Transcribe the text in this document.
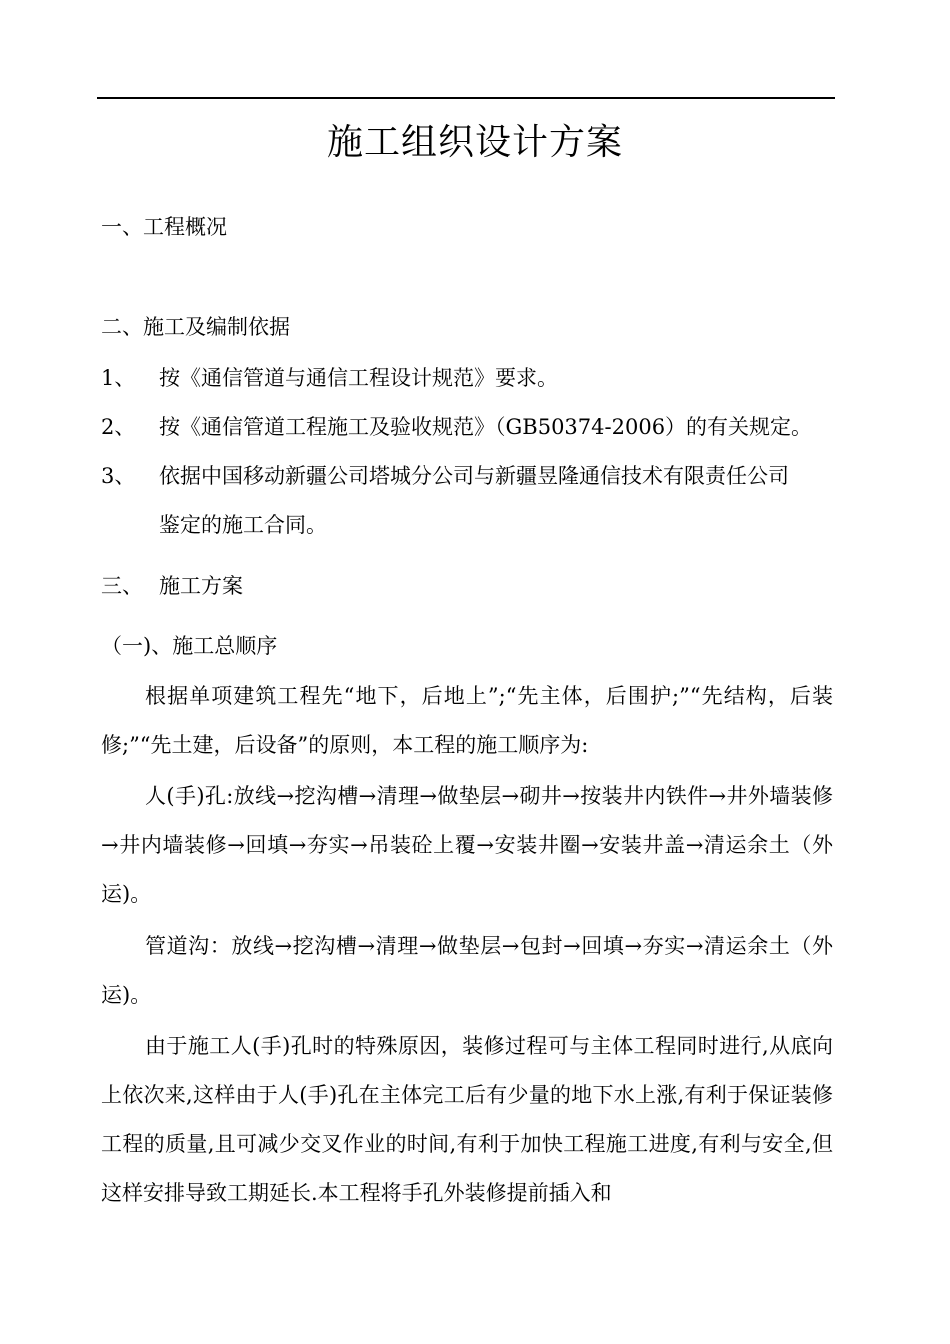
施工组织设计方案
一、工程概况
二、施工及编制依据
1、 按《通信管道与通信工程设计规范》要求。
2、 按《通信管道工程施工及验收规范》（GB50374-2006）的有关规定。
3、 依据中国移动新疆公司塔城分公司与新疆昱隆通信技术有限责任公司
鉴定的施工合同。
三、 施工方案
（一)、施工总顺序
根据单项建筑工程先“地下，后地上”;“先主体，后围护;”“先结构，后装修;”“先土建，后设备”的原则，本工程的施工顺序为:
人(手)孔:放线→挖沟槽→清理→做垫层→砌井→按装井内铁件→井外墙装修→井内墙装修→回填→夯实→吊装砼上覆→安装井圈→安装井盖→清运余土（外运)。
管道沟：放线→挖沟槽→清理→做垫层→包封→回填→夯实→清运余土（外运)。
由于施工人(手)孔时的特殊原因，装修过程可与主体工程同时进行,从底向上依次来,这样由于人(手)孔在主体完工后有少量的地下水上涨,有利于保证装修工程的质量,且可减少交叉作业的时间,有利于加快工程施工进度,有利与安全,但这样安排导致工期延长.本工程将手孔外装修提前插入和
